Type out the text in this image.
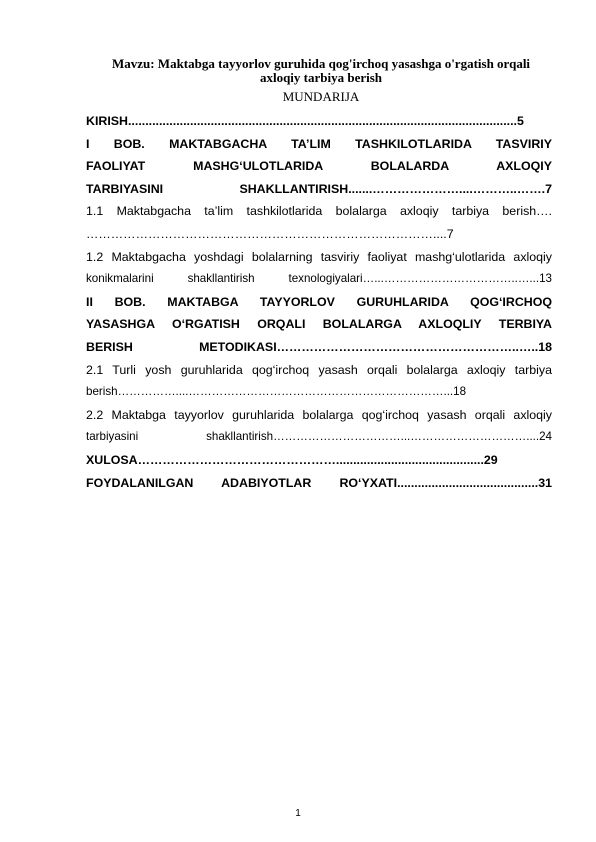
Mavzu: Maktabga tayyorlov guruhida qog'irchoq yasashga o'rgatish orqali
axloqiy tarbiya berish
MUNDARIJA
KIRISH.................................................................................................................5
I BOB. MAKTABGACHA TA’LIM TASHKILOTLARIDA TASVIRIY
FAOLIYAT MASHG‘ULOTLARIDA BOLALARDA AXLOQIY
TARBIYASINI SHAKLLANTIRISH.......…………………....………..…….7
1.1 Maktabgacha ta’lim tashkilotlarida bolalarga axloqiy tarbiya berish….
…………………………………………………………………………....7
1.2 Maktabgacha yoshdagi bolalarning tasviriy faoliyat mashg‘ulotlarida axloqiy
konikmalarini shakllantirish texnologiyalari…...……………………………..…...13
II BOB. MAKTABGA TAYYORLOV GURUHLARIDA QOG‘IRCHOQ
YASASHGA O‘RGATISH ORQALI BOLALARGA AXLOQLIY TERBIYA
BERISH METODIKASI…………………………………………………..…..18
2.1 Turli yosh guruhlarida qog‘irchoq yasash orqali bolalarga axloqiy tarbiya
berish……………....…………………………………………………………...18
2.2 Maktabga tayyorlov guruhlarida bolalarga qog‘irchoq yasash orqali axloqiy
tarbiyasini shakllantirish……………………………...…………………………....24
XULOSA…………………………………………...........................................29
FOYDALANILGAN ADABIYOTLAR RO‘YXATI.........................................31
1
